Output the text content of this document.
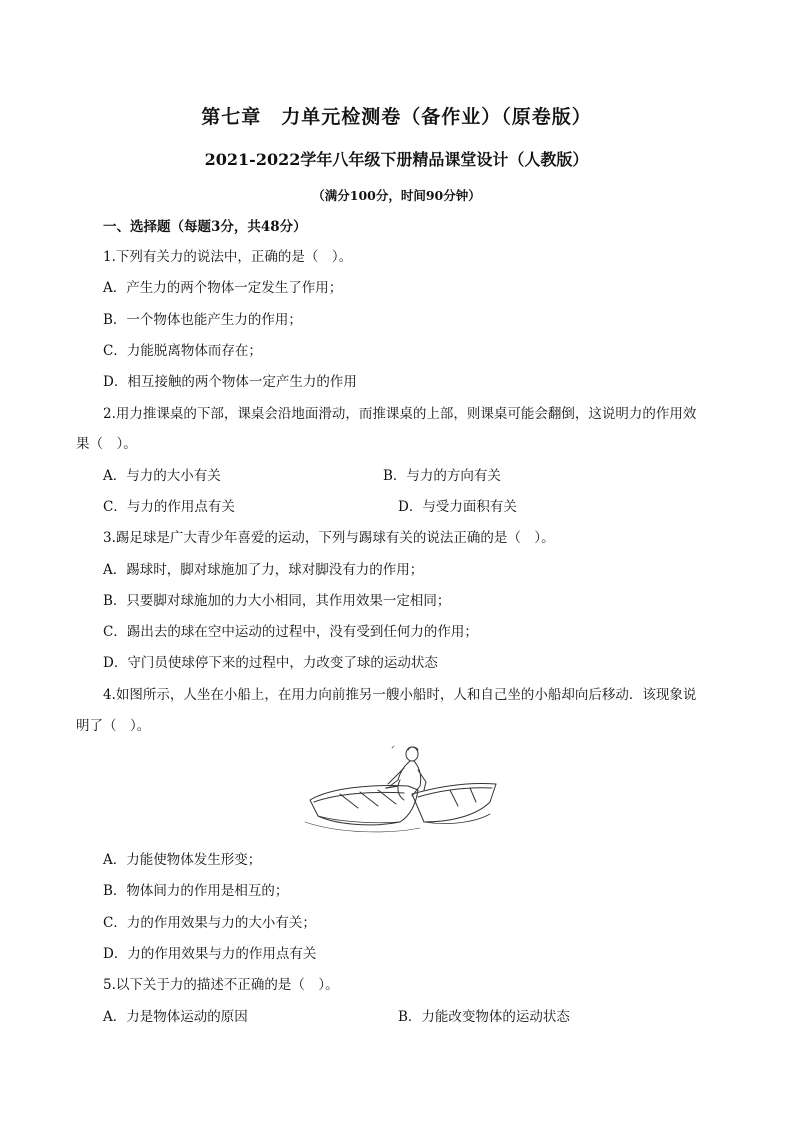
第七章　力单元检测卷（备作业）（原卷版）
2021-2022学年八年级下册精品课堂设计（人教版）
（满分100分，时间90分钟）
一、选择题（每题3分，共48分）
1.下列有关力的说法中，正确的是（　）。
A．产生力的两个物体一定发生了作用；
B．一个物体也能产生力的作用；
C．力能脱离物体而存在；
D．相互接触的两个物体一定产生力的作用
2.用力推课桌的下部，课桌会沿地面滑动，而推课桌的上部，则课桌可能会翻倒，这说明力的作用效
果（　）。
A．与力的大小有关	B．与力的方向有关
C．与力的作用点有关	D．与受力面积有关
3.踢足球是广大青少年喜爱的运动，下列与踢球有关的说法正确的是（　）。
A．踢球时，脚对球施加了力，球对脚没有力的作用；
B．只要脚对球施加的力大小相同，其作用效果一定相同；
C．踢出去的球在空中运动的过程中，没有受到任何力的作用；
D．守门员使球停下来的过程中，力改变了球的运动状态
4.如图所示，人坐在小船上，在用力向前推另一艘小船时，人和自己坐的小船却向后移动．该现象说
明了（　）。
A．力能使物体发生形变；
B．物体间力的作用是相互的；
C．力的作用效果与力的大小有关；
D．力的作用效果与力的作用点有关
5.以下关于力的描述不正确的是（　）。
A．力是物体运动的原因	B．力能改变物体的运动状态
